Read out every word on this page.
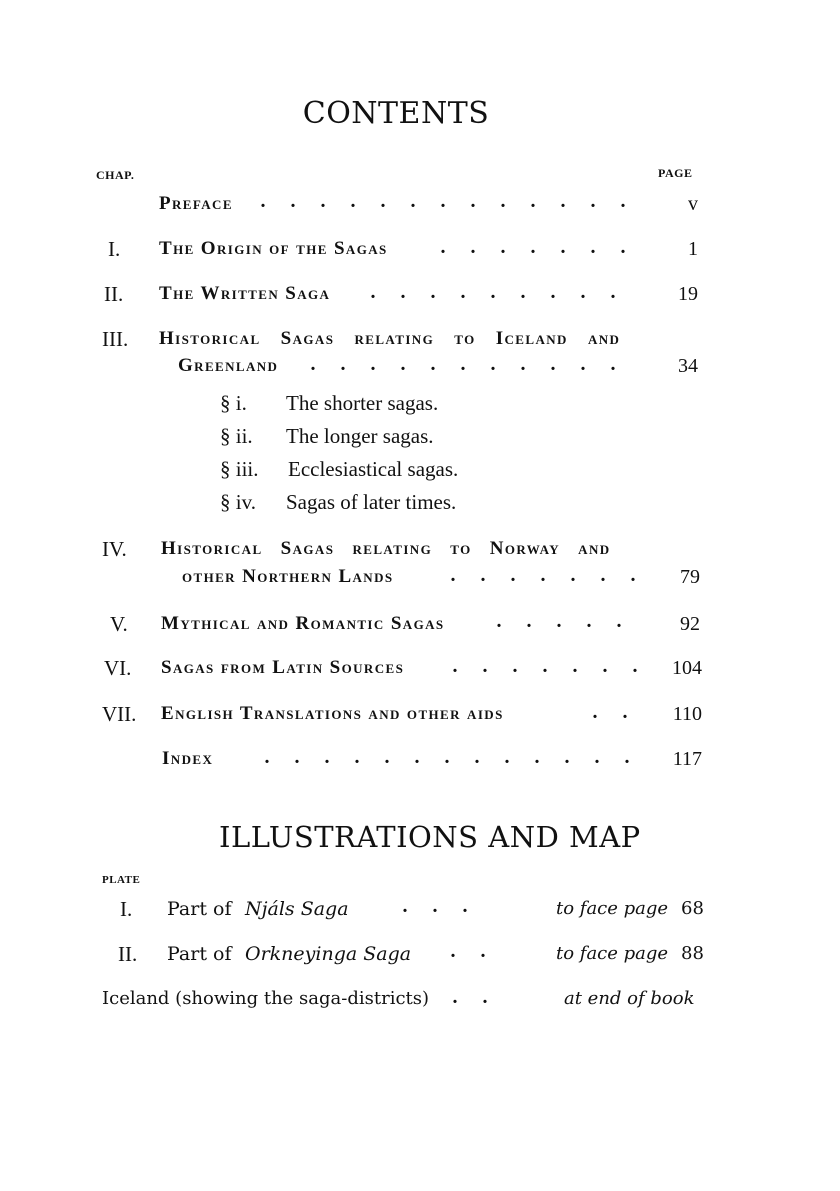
CONTENTS
CHAP.	PAGE
Preface	. . . . . . . . . . . . .	v
I. The Origin of the Sagas	. . . . . . .	1
II. The Written Saga	. . . . . . . . .	19
III. Historical Sagas relating to Iceland and
Greenland	. . . . . . . . . . .	34
§ i. The shorter sagas.
§ ii. The longer sagas.
§ iii. Ecclesiastical sagas.
§ iv. Sagas of later times.
IV. Historical Sagas relating to Norway and
other Northern Lands	. . . . . . .	79
V. Mythical and Romantic Sagas	. . . . .	92
VI. Sagas from Latin Sources	. . . . . . .	104
VII. English Translations and other aids	. .	110
Index	. . . . . . . . . . . . .	117
ILLUSTRATIONS AND MAP
PLATE
I. Part of Njáls Saga	. . .	to face page 68
II. Part of Orkneyinga Saga	. .	to face page 88
Iceland (showing the saga-districts)	. .	at end of book
